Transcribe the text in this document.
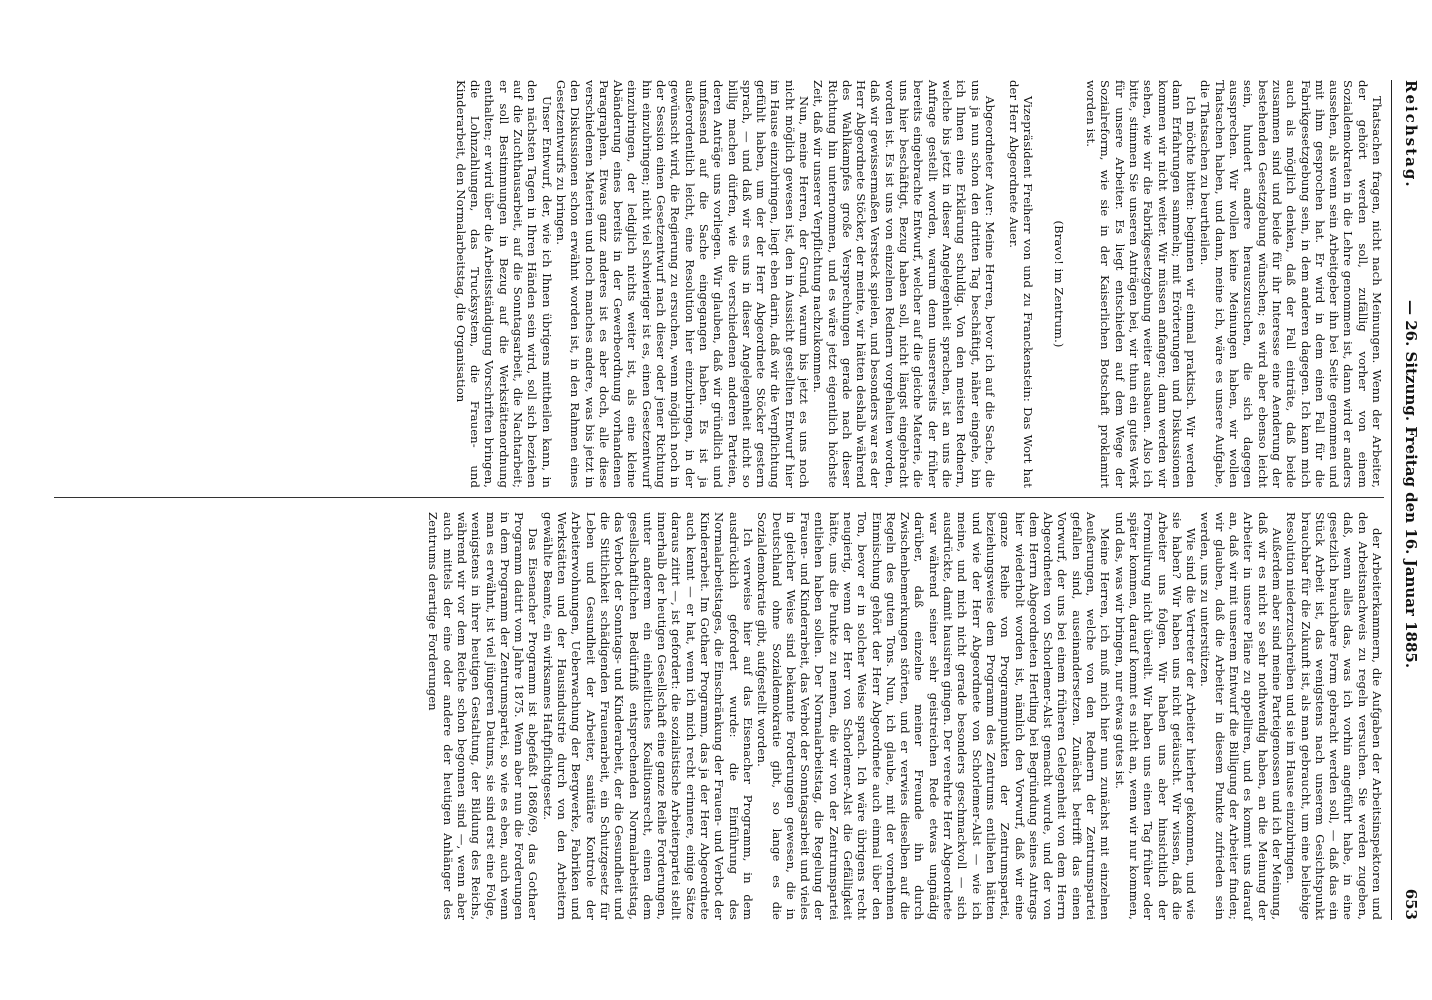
Reichstag.
— 26. Sitzung. Freitag den 16. Januar 1885.
653

Thatsachen fragen, nicht nach Meinungen. Wenn der Arbeiter, der gehört werden soll, zufällig vorher von einem Sozialdemokraten in die Lehre genommen ist, dann wird er anders aussehen, als wenn sein Arbeitgeber ihn bei Seite genommen und mit ihm gesprochen hat. Er wird in dem einen Fall für die Fabrikgesetzgebung sein, in dem anderen dagegen. Ich kann mich auch als möglich denken, daß der Fall einträte, daß beide zusammen sind und beide für ihr Interesse eine Aenderung der bestehenden Gesetzgebung wünschen; es wird aber ebenso leicht sein, hundert andere herauszusuchen, die sich dagegen aussprechen. Wir wollen keine Meinungen haben, wir wollen Thatsachen haben, und dann, meine ich, wäre es unsere Aufgabe, die Thatsachen zu beurtheilen.

Ich möchte bitten: beginnen wir einmal praktisch. Wir werden dann Erfahrungen sammeln; mit Erörterungen und Diskussionen kommen wir nicht weiter. Wir müssen anfangen; dann werden wir sehen, wie wir die Fabrikgesetzgebung weiter ausbauen. Also ich bitte, stimmen Sie unseren Anträgen bei, wir thun ein gutes Werk für unsere Arbeiter. Es liegt entschieden auf dem Wege der Sozialreform, wie sie in der Kaiserlichen Botschaft proklamirt worden ist.

(Bravo! im Zentrum.)

Vizepräsident Freiherr von und zu Franckenstein: Das Wort hat der Herr Abgeordnete Auer.

Abgeordneter Auer: Meine Herren, bevor ich auf die Sache, die uns ja nun schon den dritten Tag beschäftigt, näher eingehe, bin ich Ihnen eine Erklärung schuldig. Von den meisten Rednern, welche bis jetzt in dieser Angelegenheit sprachen, ist an uns die Anfrage gestellt worden, warum denn unsererseits der früher bereits eingebrachte Entwurf, welcher auf die gleiche Materie, die uns hier beschäftigt, Bezug haben soll, nicht längst eingebracht worden ist. Es ist uns von einzelnen Rednern vorgehalten worden, daß wir gewissermaßen Versteck spielen, und besonders war es der Herr Abgeordnete Stöcker, der meinte, wir hätten deshalb während des Wahlkampfes große Versprechungen gerade nach dieser Richtung hin unternommen, und es wäre jetzt eigentlich höchste Zeit, daß wir unserer Verpflichtung nachzukommen.

Nun, meine Herren, der Grund, warum bis jetzt es uns noch nicht möglich gewesen ist, den in Aussicht gestellten Entwurf hier im Hause einzubringen, liegt eben darin, daß wir die Verpflichtung gefühlt haben, um der der Herr Abgeordnete Stöcker gestern sprach, — und daß wir es uns in dieser Angelegenheit nicht so billig machen dürfen, wie die verschiedenen anderen Parteien, deren Anträge uns vorliegen. Wir glauben, daß wir gründlich und umfassend auf die Sache eingegangen haben. Es ist ja außerordentlich leicht, eine Resolution hier einzubringen, in der gewünscht wird, die Regierung zu ersuchen, wenn möglich noch in der Session einen Gesetzentwurf nach dieser oder jener Richtung hin einzubringen; nicht viel schwieriger ist es, einen Gesetzentwurf einzubringen, der lediglich nichts weiter ist, als eine kleine Abänderung eines bereits in der Gewerbeordnung vorhandenen Paragraphen. Etwas ganz anderes ist es aber doch, alle diese verschiedenen Materien und noch manches andere, was bis jetzt in den Diskussionen schon erwähnt worden ist, in den Rahmen eines Gesetzentwurfs zu bringen.

Unser Entwurf, der, wie ich Ihnen übrigens mittheilen kann, in den nächsten Tagen in Ihren Händen sein wird, soll sich beziehen auf die Zuchthausarbeit, auf die Sonntagsarbeit, die Nachtarbeit; er soll Bestimmungen in Bezug auf die Werkstättenordnung enthalten; er wird über die Arbeitsständigung Vorschriften bringen, die Lohnzahlungen, das Trucksystem, die Frauen- und Kinderarbeit, den Normalarbeitstag, die Organisation

der Arbeiterkammern, die Aufgaben der Arbeitsinspektoren und den Arbeitsnachweis zu regeln versuchen. Sie werden zugeben, daß, wenn alles das, was ich vorhin angeführt habe, in eine gesetzlich brauchbare Form gebracht werden soll, — daß das ein Stück Arbeit ist, das wenigstens nach unserem Gesichtspunkt brauchbar für die Zukunft ist, als man gebraucht, um eine beliebige Resolution niederzuschreiben und sie im Hause einzubringen.

Außerdem aber sind meine Parteigenossen und ich der Meinung, daß wir es nicht so sehr nothwendig haben, an die Meinung der Arbeiter in unsere Pläne zu appelliren, und es kommt uns darauf an, daß wir mit unserem Entwurf die Billigung der Arbeiter finden; wir glauben, daß die Arbeiter in diesem Punkte zufrieden sein werden, uns zu unterstützen.

Wie sind die Vertreter der Arbeiter hierher gekommen, und wie sie haben? Wir haben uns nicht getäuscht. Wir wissen, daß die Arbeiter uns folgen. Wir haben uns aber hinsichtlich der Formulirung nicht übereilt. Wir haben uns einen Tag früher oder später kommen, darauf kommt es nicht an, wenn wir nur kommen, und das, was wir bringen, nur etwas gutes ist.

Meine Herren, ich muß mich hier nun zunächst mit einzelnen Aeußerungen, welche von den Rednern der Zentrumspartei gefallen sind, auseinandersetzen. Zunächst betrifft das einen Vorwurf, der uns bei einem früheren Gelegenheit von dem Herrn Abgeordneten von Schorlemer-Alst gemacht wurde, und der von dem Herrn Abgeordneten Hertling bei Begründung seines Antrags hier wiederholt worden ist, nämlich den Vorwurf, daß wir eine ganze Reihe von Programmpunkten der Zentrumspartei, beziehungsweise dem Programm des Zentrums entliehen hätten und wie der Herr Abgeordnete von Schorlemer-Alst — wie ich meine, und mich nicht gerade besonders geschmackvoll — sich ausdrückte, damit hausiren gingen. Der verehrte Herr Abgeordnete war während seiner sehr geistreichen Rede etwas ungnädig darüber, daß einzelne meiner Freunde ihn durch Zwischenbemerkungen störten, und er verwies dieselben auf die Regeln des guten Tons. Nun, ich glaube, mit der vornehmen Einmischung gehört der Herr Abgeordnete auch einmal über den Ton, bevor er in solcher Weise sprach. Ich wäre übrigens recht neugierig, wenn der Herr von Schorlemer-Alst die Gefälligkeit hätte, uns die Punkte zu nennen, die wir von der Zentrumspartei entliehen haben sollen. Der Normalarbeitstag, die Regelung der Frauen- und Kinderarbeit, das Verbot der Sonntagsarbeit und vieles in gleicher Weise sind bekannte Forderungen gewesen, die in Deutschland ohne Sozialdemokratie gibt, so lange es die Sozialdemokratie gibt, aufgestellt worden.

Ich verweise hier auf das Eisenacher Programm, in dem ausdrücklich gefordert wurde: die Einführung des Normalarbeitstages, die Einschränkung der Frauen- und Verbot der Kinderarbeit. Im Gothaer Programm, das ja der Herr Abgeordnete auch kennt — er hat, wenn ich mich recht erinnere, einige Sätze daraus zitirt —, ist gefordert: die sozialistische Arbeiterpartei stellt innerhalb der heutigen Gesellschaft eine ganze Reihe Forderungen, unter anderem ein einheitliches Koalitionsrecht, einen dem gesellschaftlichen Bedürfniß entsprechenden Normalarbeitstag, das Verbot der Sonntags- und Kinderarbeit, der die Gesundheit und die Sittlichkeit schädigenden Frauenarbeit, ein Schutzgesetz für Leben und Gesundheit der Arbeiter, sanitäre Kontrole der Arbeiterwohnungen, Ueberwachung der Bergwerke, Fabriken und Werkstätten und der Hausindustrie durch von den Arbeitern gewählte Beamte, ein wirksames Haftpflichtgesetz.

Das Eisenacher Programm ist abgefaßt 1868/69, das Gothaer Programm datirt vom Jahre 1875. Wenn aber nun die Forderungen in dem Programm der Zentrumspartei, so wie es eben, auch wenn man es erwähnt, ist viel jüngeren Datums, sie sind erst eine Folge, wenigstens in ihrer heutigen Gestaltung, der Bildung des Reichs, während wir vor dem Reiche schon begonnen sind —, wenn aber auch mittels der eine oder andere der heutigen Anhänger des Zentrums derartige Forderungen
